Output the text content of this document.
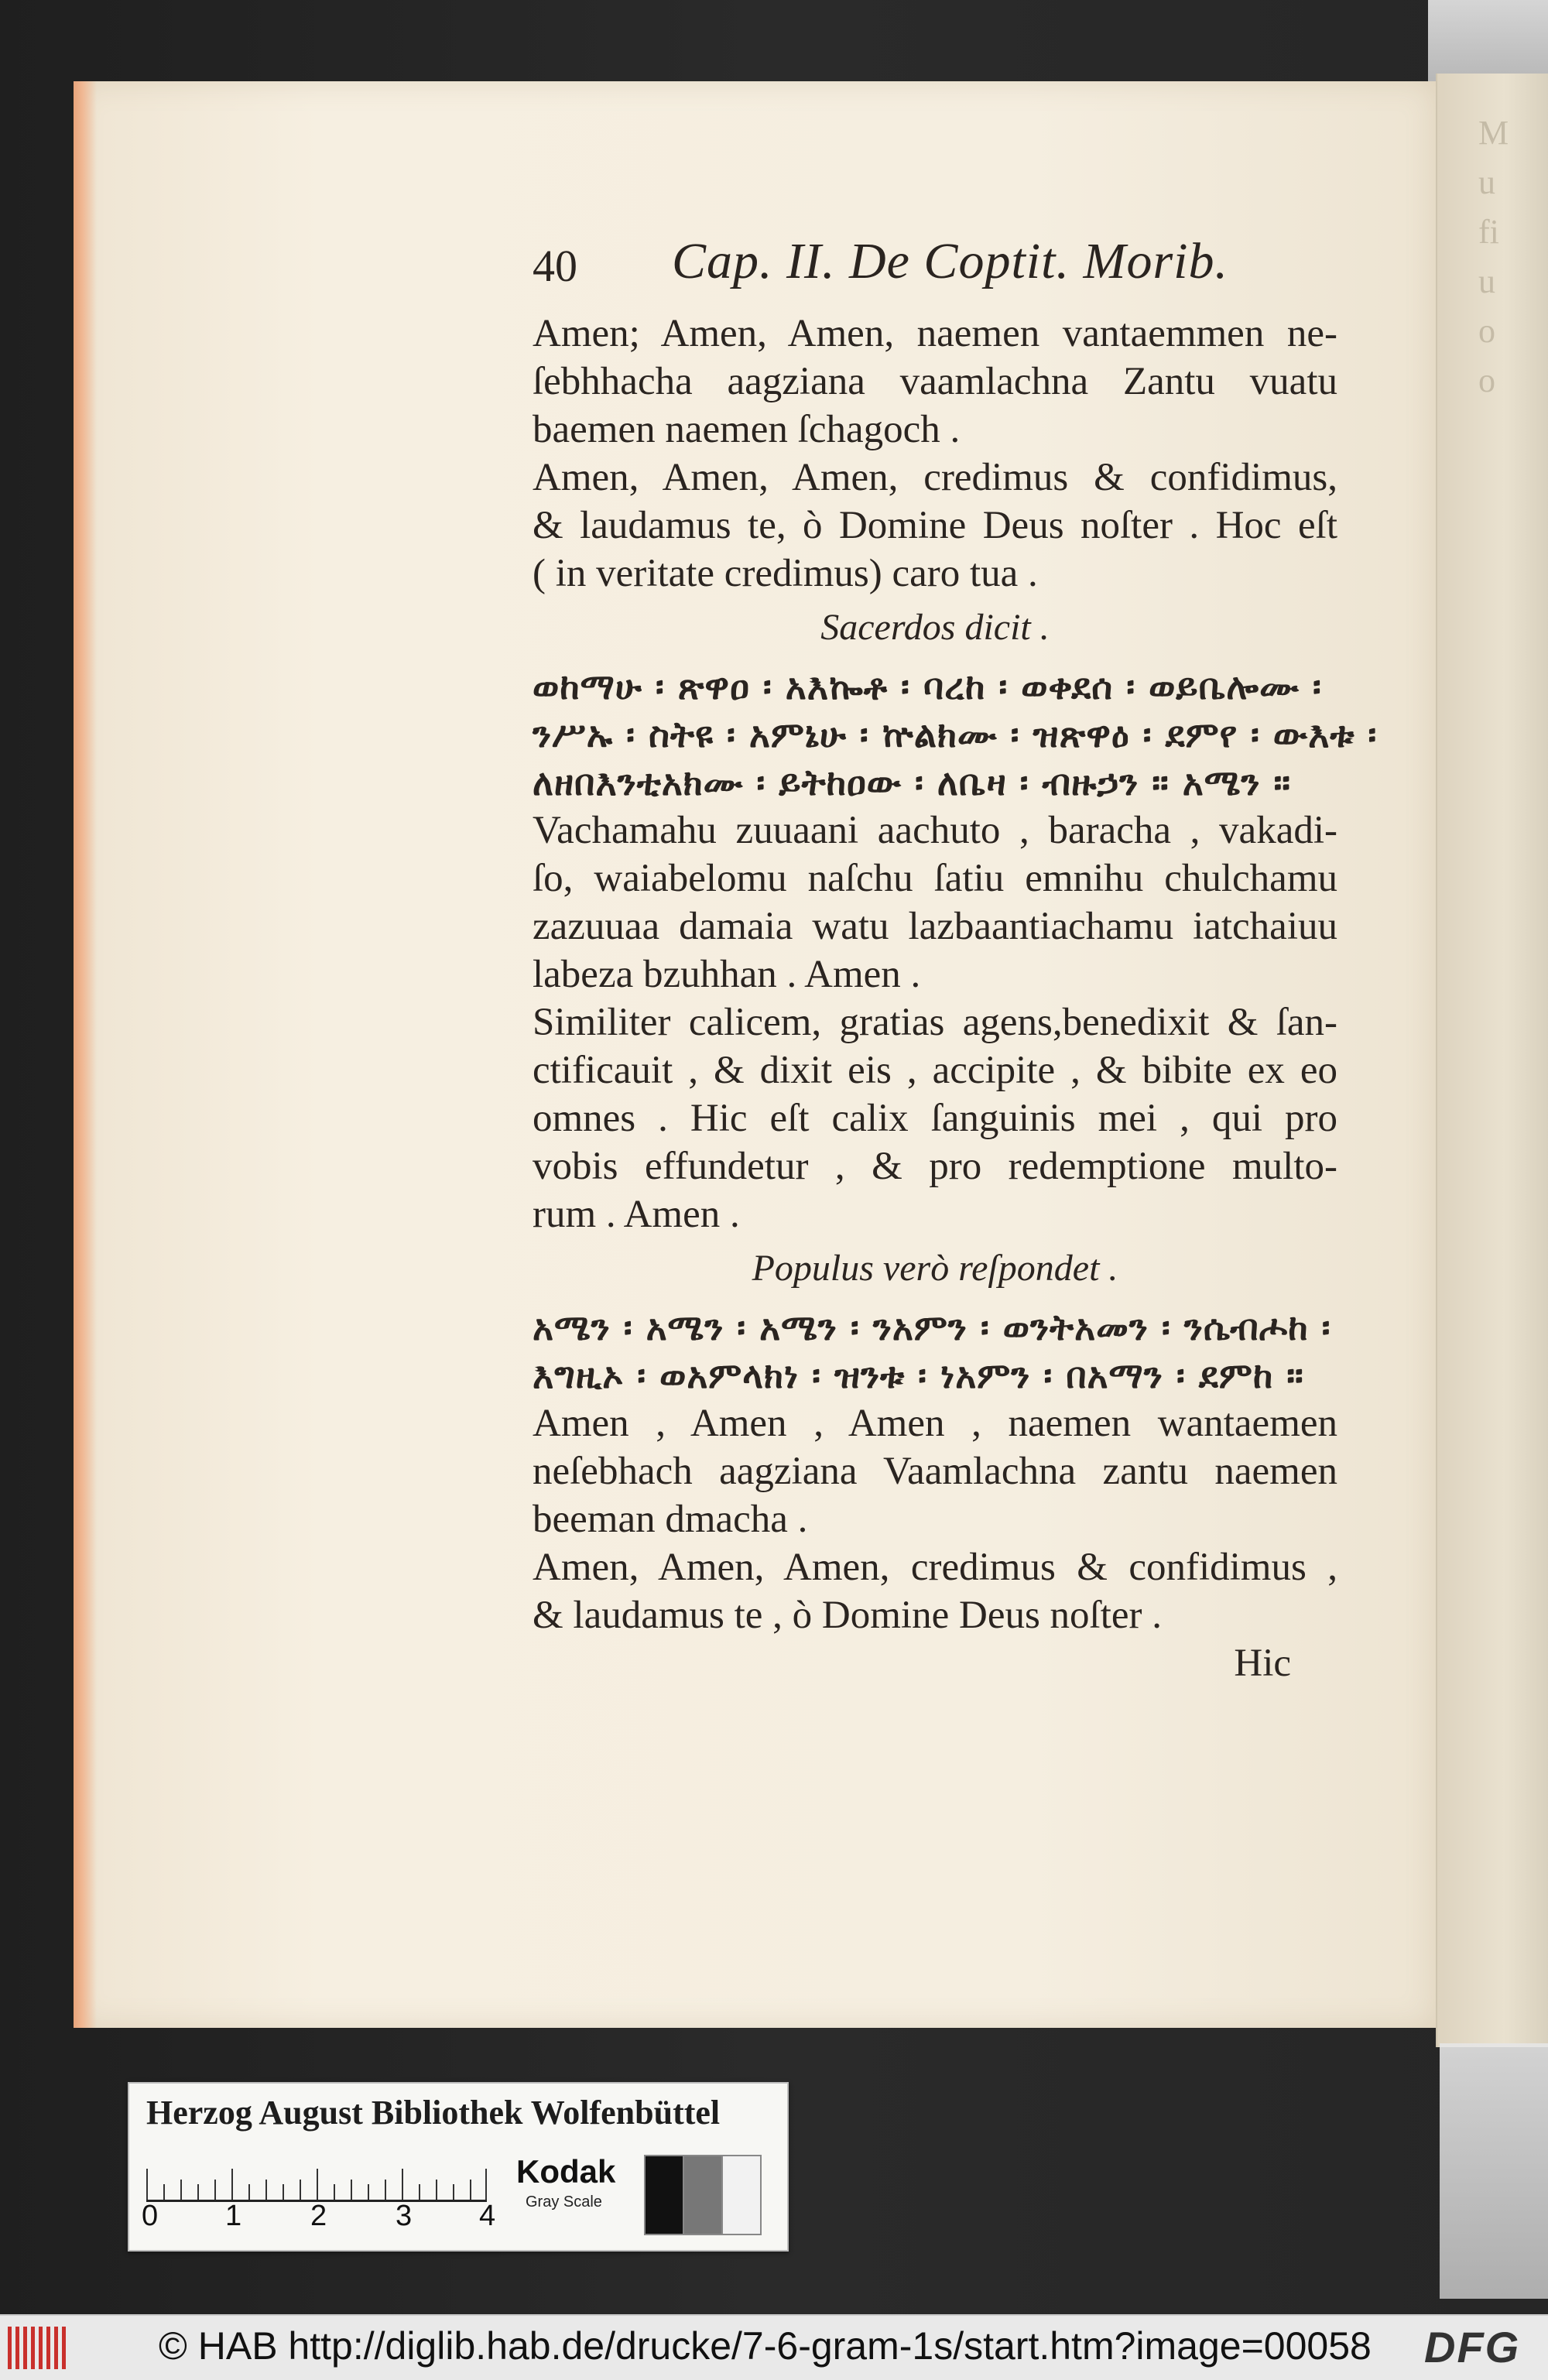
M
u
fi
u
o
o
40 Cap. II. De Coptit. Morib.
Amen; Amen, Amen, naemen vantaemmen ne-
ſebhhacha aagziana vaamlachna Zantu vuatu
baemen naemen ſchagoch .
Amen, Amen, Amen, credimus & confidimus,
& laudamus te, ò Domine Deus noſter . Hoc eſt
( in veritate credimus) caro tua .
Sacerdos dicit .
ወከማሁ ፡ ጽዋዐ ፡ አእኰቶ ፡ ባረከ ፡ ወቀደሰ ፡ ወይቤሎሙ ፡
ንሥኡ ፡ ስትዩ ፡ አምኔሁ ፡ ኵልክሙ ፡ ዝጽዋዕ ፡ ደምየ ፡ ውእቱ ፡
ለዘበእንቲአክሙ ፡ ይትከዐው ፡ ለቤዛ ፡ ብዙኃን ። አሜን ።
Vachamahu zuuaani aachuto , baracha , vakadi-
ſo, waiabelomu naſchu ſatiu emnihu chulchamu
zazuuaa damaia watu lazbaantiachamu iatchaiuu
labeza bzuhhan . Amen .
Similiter calicem, gratias agens,benedixit & ſan-
ctificauit , & dixit eis , accipite , & bibite ex eo
omnes . Hic eſt calix ſanguinis mei , qui pro
vobis effundetur , & pro redemptione multo-
rum . Amen .
Populus verò reſpondet .
አሜን ፡ አሜን ፡ አሜን ፡ ንአምን ፡ ወንትአመን ፡ ንሴብሖከ ፡
እግዚኦ ፡ ወአምላክነ ፡ ዝንቱ ፡ ነአምን ፡ በአማን ፡ ደምከ ።
Amen , Amen , Amen , naemen wantaemen
neſebhach aagziana Vaamlachna zantu naemen
beeman dmacha .
Amen, Amen, Amen, credimus & confidimus ,
& laudamus te , ò Domine Deus noſter .
Hic
Herzog August Bibliothek Wolfenbüttel
0 1 2 3 4
Kodak
Gray Scale
© HAB http://diglib.hab.de/drucke/7-6-gram-1s/start.htm?image=00058 DFG
